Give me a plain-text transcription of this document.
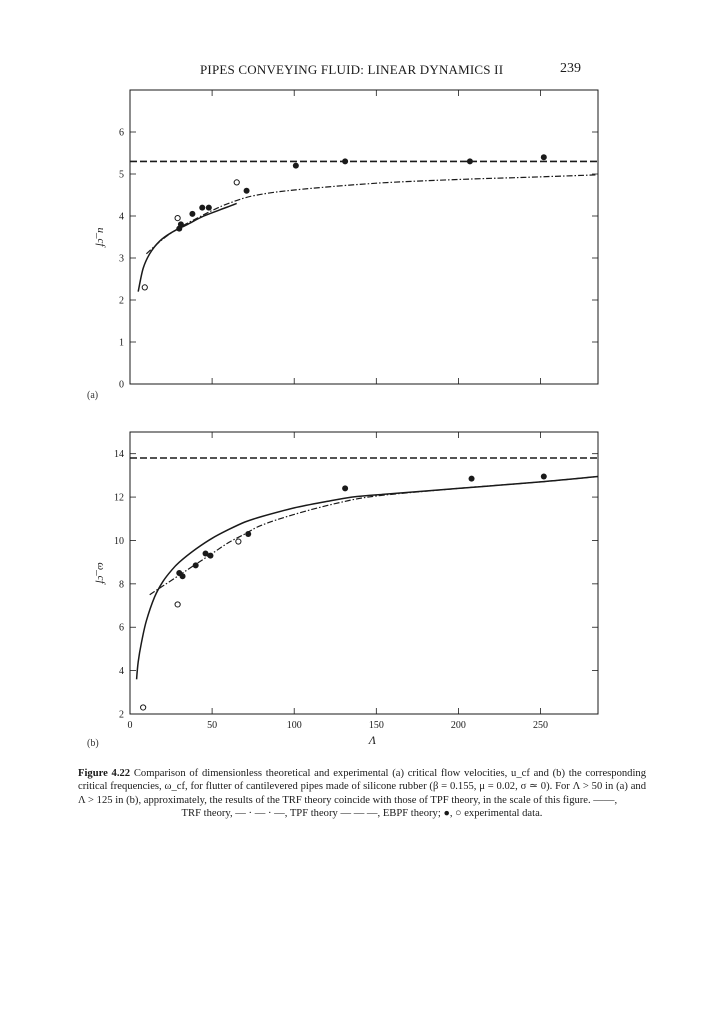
PIPES CONVEYING FLUID: LINEAR DYNAMICS II	239
0
1
2
3
4
5
6
u_cf
0	50	100	150	200	250
2
4
6
8
10
12
14
ω_cf
Λ
(a)
(b)
Figure 4.22 Comparison of dimensionless theoretical and experimental (a) critical flow velocities, u_cf and (b) the corresponding critical frequencies, ω_cf, for flutter of cantilevered pipes made of silicone rubber (β = 0.155, μ = 0.02, σ ≃ 0). For Λ > 50 in (a) and Λ > 125 in (b), approximately, the results of the TRF theory coincide with those of TPF theory, in the scale of this figure. ——,
TRF theory, — · — · —, TPF theory — — —, EBPF theory; ●, ○ experimental data.
